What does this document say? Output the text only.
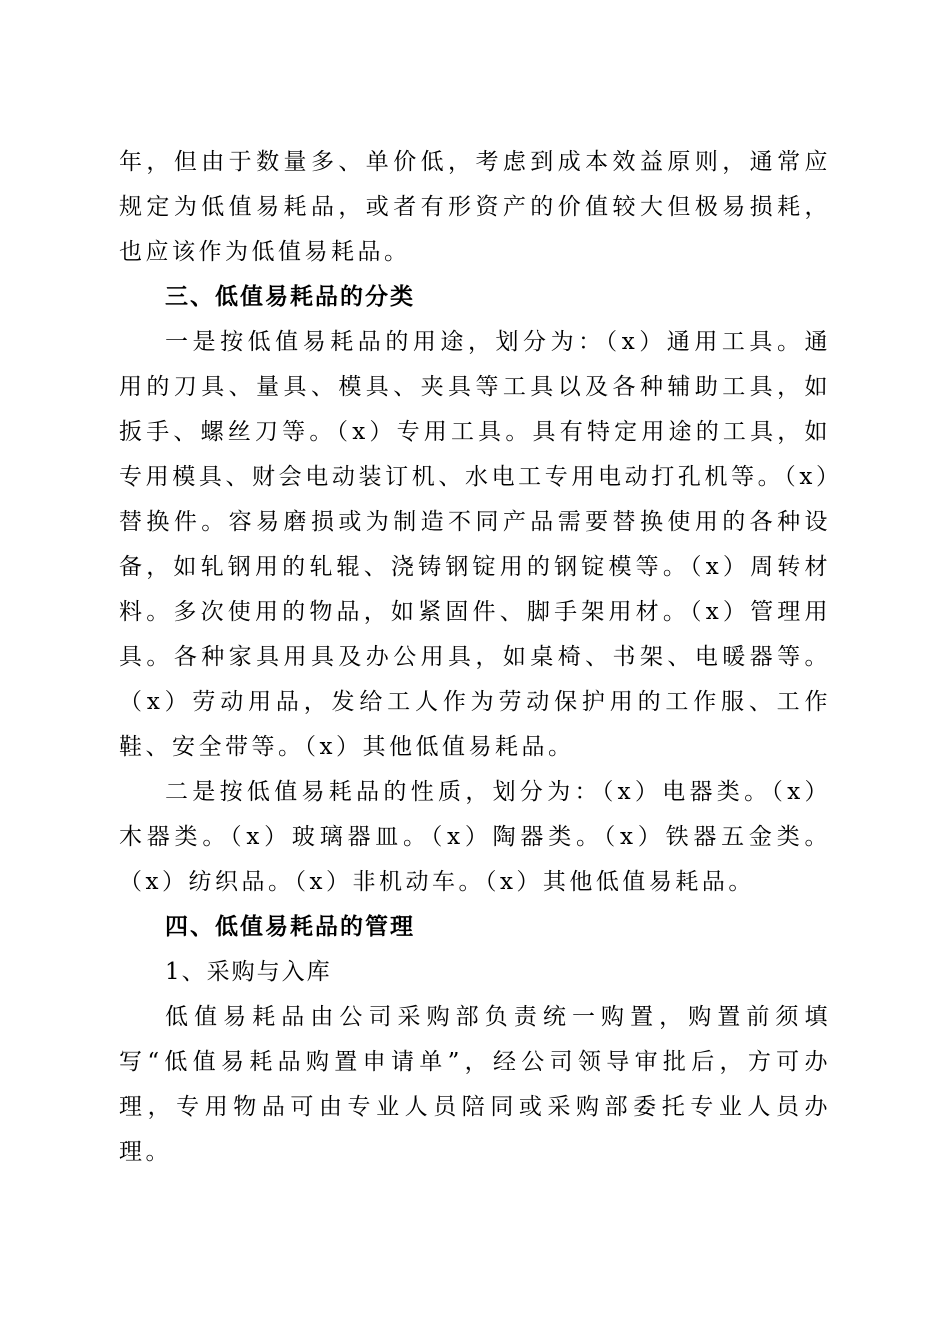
年，但由于数量多、单价低，考虑到成本效益原则，通常应规定为低值易耗品，或者有形资产的价值较大但极易损耗，也应该作为低值易耗品。

三、低值易耗品的分类

一是按低值易耗品的用途，划分为：（x）通用工具。通用的刀具、量具、模具、夹具等工具以及各种辅助工具，如扳手、螺丝刀等。（x）专用工具。具有特定用途的工具，如专用模具、财会电动装订机、水电工专用电动打孔机等。（x）替换件。容易磨损或为制造不同产品需要替换使用的各种设备，如轧钢用的轧辊、浇铸钢锭用的钢锭模等。（x）周转材料。多次使用的物品，如紧固件、脚手架用材。（x）管理用具。各种家具用具及办公用具，如桌椅、书架、电暖器等。（x）劳动用品，发给工人作为劳动保护用的工作服、工作鞋、安全带等。（x）其他低值易耗品。

二是按低值易耗品的性质，划分为：（x）电器类。（x）木器类。（x）玻璃器皿。（x）陶器类。（x）铁器五金类。（x）纺织品。（x）非机动车。（x）其他低值易耗品。

四、低值易耗品的管理

1、采购与入库

低值易耗品由公司采购部负责统一购置，购置前须填写“低值易耗品购置申请单”，经公司领导审批后，方可办理，专用物品可由专业人员陪同或采购部委托专业人员办理。
